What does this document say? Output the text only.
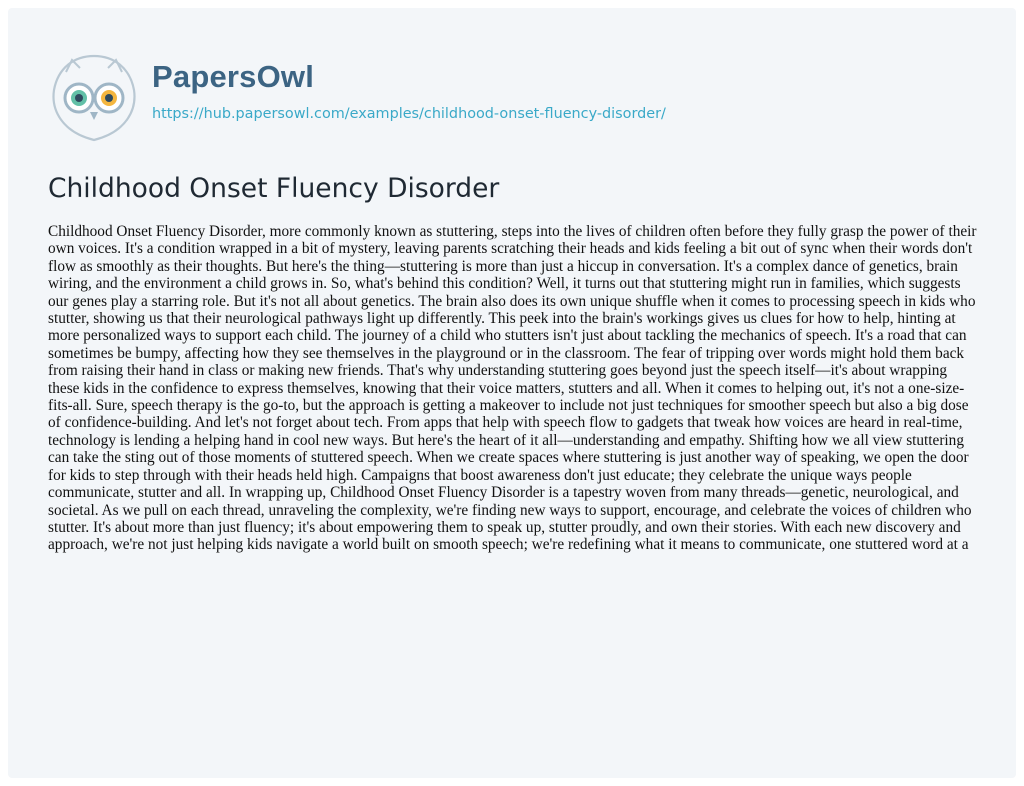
PapersOwl
https://hub.papersowl.com/examples/childhood-onset-fluency-disorder/
Childhood Onset Fluency Disorder

Childhood Onset Fluency Disorder, more commonly known as stuttering, steps into the lives of children often before they fully grasp the power of their own voices. It's a condition wrapped in a bit of mystery, leaving parents scratching their heads and kids feeling a bit out of sync when their words don't flow as smoothly as their thoughts. But here's the thing—stuttering is more than just a hiccup in conversation. It's a complex dance of genetics, brain wiring, and the environment a child grows in. So, what's behind this condition? Well, it turns out that stuttering might run in families, which suggests our genes play a starring role. But it's not all about genetics. The brain also does its own unique shuffle when it comes to processing speech in kids who stutter, showing us that their neurological pathways light up differently. This peek into the brain's workings gives us clues for how to help, hinting at more personalized ways to support each child. The journey of a child who stutters isn't just about tackling the mechanics of speech. It's a road that can sometimes be bumpy, affecting how they see themselves in the playground or in the classroom. The fear of tripping over words might hold them back from raising their hand in class or making new friends. That's why understanding stuttering goes beyond just the speech itself—it's about wrapping these kids in the confidence to express themselves, knowing that their voice matters, stutters and all. When it comes to helping out, it's not a one-size-fits-all. Sure, speech therapy is the go-to, but the approach is getting a makeover to include not just techniques for smoother speech but also a big dose of confidence-building. And let's not forget about tech. From apps that help with speech flow to gadgets that tweak how voices are heard in real-time, technology is lending a helping hand in cool new ways. But here's the heart of it all—understanding and empathy. Shifting how we all view stuttering can take the sting out of those moments of stuttered speech. When we create spaces where stuttering is just another way of speaking, we open the door for kids to step through with their heads held high. Campaigns that boost awareness don't just educate; they celebrate the unique ways people communicate, stutter and all. In wrapping up, Childhood Onset Fluency Disorder is a tapestry woven from many threads—genetic, neurological, and societal. As we pull on each thread, unraveling the complexity, we're finding new ways to support, encourage, and celebrate the voices of children who stutter. It's about more than just fluency; it's about empowering them to speak up, stutter proudly, and own their stories. With each new discovery and approach, we're not just helping kids navigate a world built on smooth speech; we're redefining what it means to communicate, one stuttered word at a
